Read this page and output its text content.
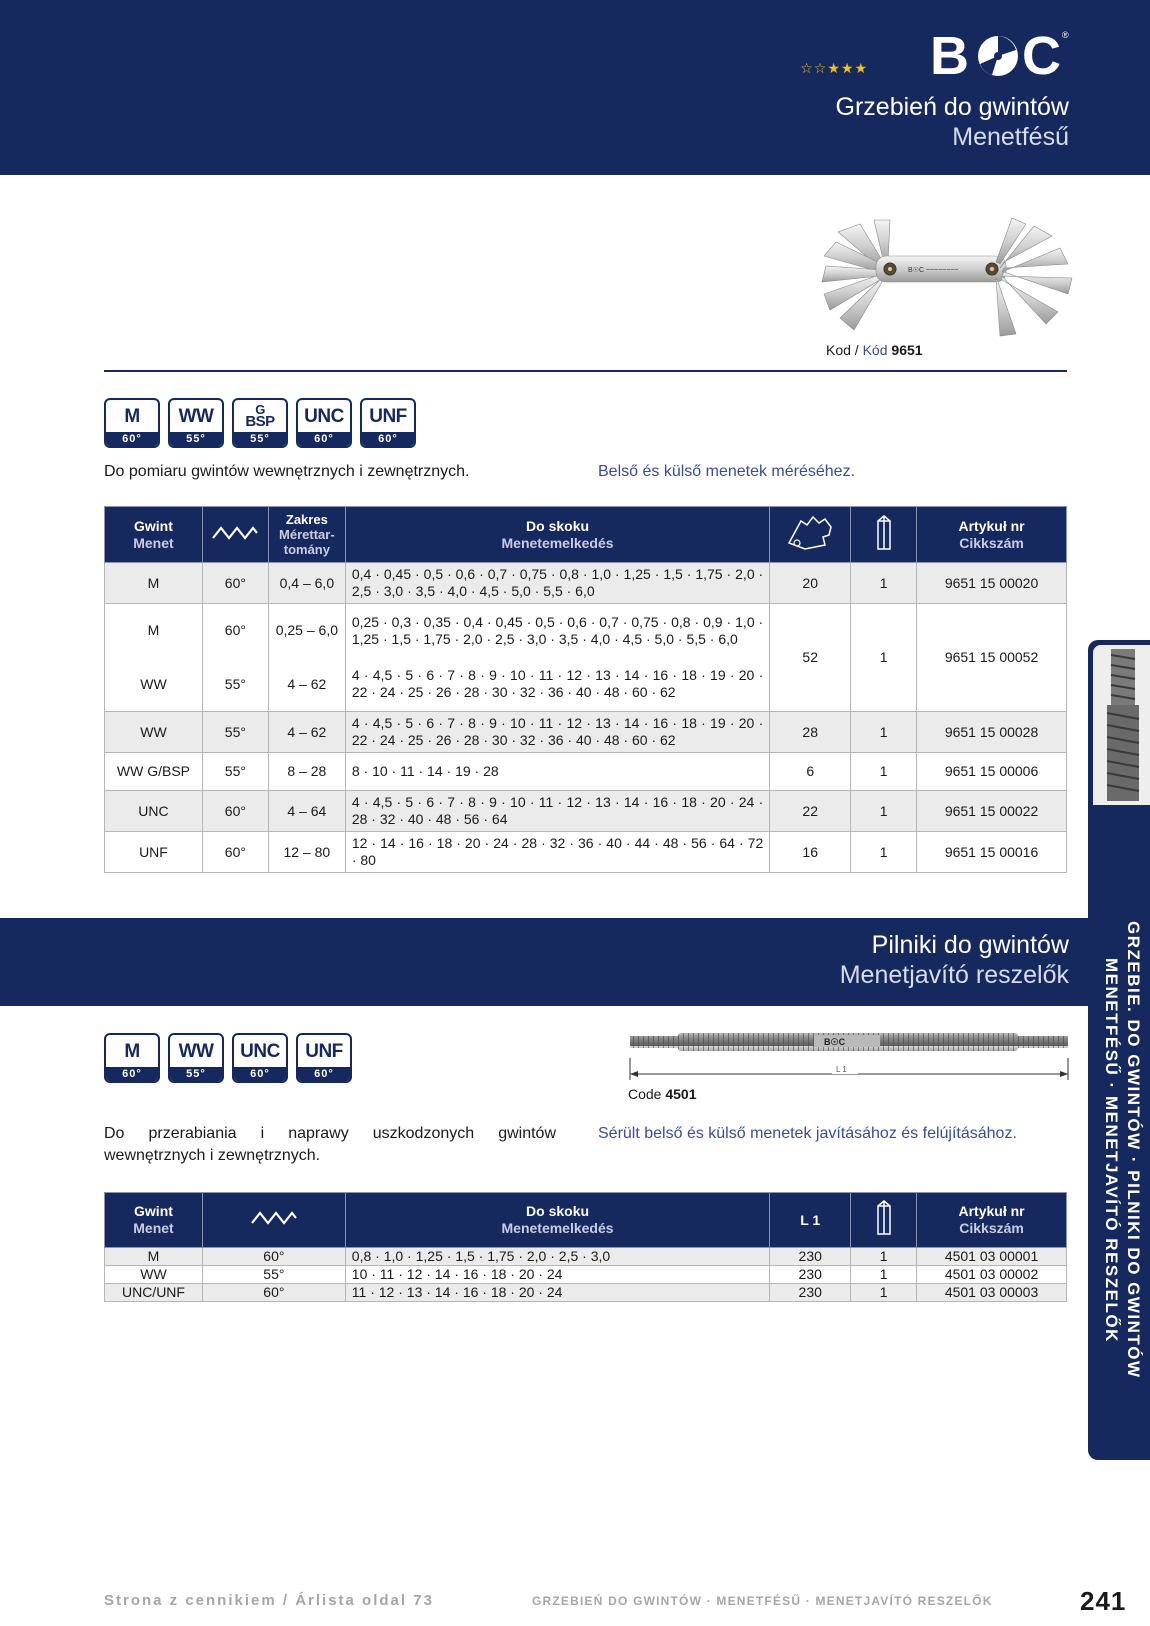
☆☆★★★ B C ®
Grzebień do gwintów
Menetfésű
B☉C ~~~~~~~~
Kod / Kód 9651
M
60°
WW
55°
G
BSP
55°
UNC
60°
UNF
60°
Do pomiaru gwintów wewnętrznych i zewnętrznych.	Belső és külső menetek méréséhez.
Gwint
Menet		Zakres
Mérettar-tomány	Do skoku
Menetemelkedés			Artykuł nr
Cikkszám

M	60°	0,4 – 6,0	0,4 · 0,45 · 0,5 · 0,6 · 0,7 · 0,75 · 0,8 · 1,0 · 1,25 · 1,5 · 1,75 · 2,0 · 2,5 · 3,0 · 3,5 · 4,0 · 4,5 · 5,0 · 5,5 · 6,0	20	1	9651 15 00020
M	60°	0,25 – 6,0	0,25 · 0,3 · 0,35 · 0,4 · 0,45 · 0,5 · 0,6 · 0,7 · 0,75 · 0,8 · 0,9 · 1,0 · 1,25 · 1,5 · 1,75 · 2,0 · 2,5 · 3,0 · 3,5 · 4,0 · 4,5 · 5,0 · 5,5 · 6,0	52	1	9651 15 00052
WW	55°	4 – 62	4 · 4,5 · 5 · 6 · 7 · 8 · 9 · 10 · 11 · 12 · 13 · 14 · 16 · 18 · 19 · 20 · 22 · 24 · 25 · 26 · 28 · 30 · 32 · 36 · 40 · 48 · 60 · 62			
WW	55°	4 – 62	4 · 4,5 · 5 · 6 · 7 · 8 · 9 · 10 · 11 · 12 · 13 · 14 · 16 · 18 · 19 · 20 · 22 · 24 · 25 · 26 · 28 · 30 · 32 · 36 · 40 · 48 · 60 · 62	28	1	9651 15 00028
WW G/BSP	55°	8 – 28	8 · 10 · 11 · 14 · 19 · 28	6	1	9651 15 00006
UNC	60°	4 – 64	4 · 4,5 · 5 · 6 · 7 · 8 · 9 · 10 · 11 · 12 · 13 · 14 · 16 · 18 · 20 · 24 · 28 · 32 · 40 · 48 · 56 · 64	22	1	9651 15 00022
UNF	60°	12 – 80	12 · 14 · 16 · 18 · 20 · 24 · 28 · 32 · 36 · 40 · 44 · 48 · 56 · 64 · 72 · 80	16	1	9651 15 00016
Pilniki do gwintów
Menetjavító reszelők
M
60°
WW
55°
UNC
60°
UNF
60°
B☉C
L 1
Code 4501
Do przerabiania i naprawy uszkodzonych gwintów wewnętrznych i zewnętrznych.
Sérült belső és külső menetek javításához és felújításához.
Gwint
Menet		Do skoku
Menetemelkedés	L 1		Artykuł nr
Cikkszám

M	60°	0,8 · 1,0 · 1,25 · 1,5 · 1,75 · 2,0 · 2,5 · 3,0	230	1	4501 03 00001
WW	55°	10 · 11 · 12 · 14 · 16 · 18 · 20 · 24	230	1	4501 03 00002
UNC/UNF	60°	11 · 12 · 13 · 14 · 16 · 18 · 20 · 24	230	1	4501 03 00003	GRZEBIE. DO GWINTÓW · PILNIKI DO GWINTÓW
MENETFÉSŰ · MENETJAVÍTÓ RESZELŐK
Strona z cennikiem / Árlista oldal 73	GRZEBIEŃ DO GWINTÓW · MENETFÉSŰ · MENETJAVÍTÓ RESZELŐK	241
